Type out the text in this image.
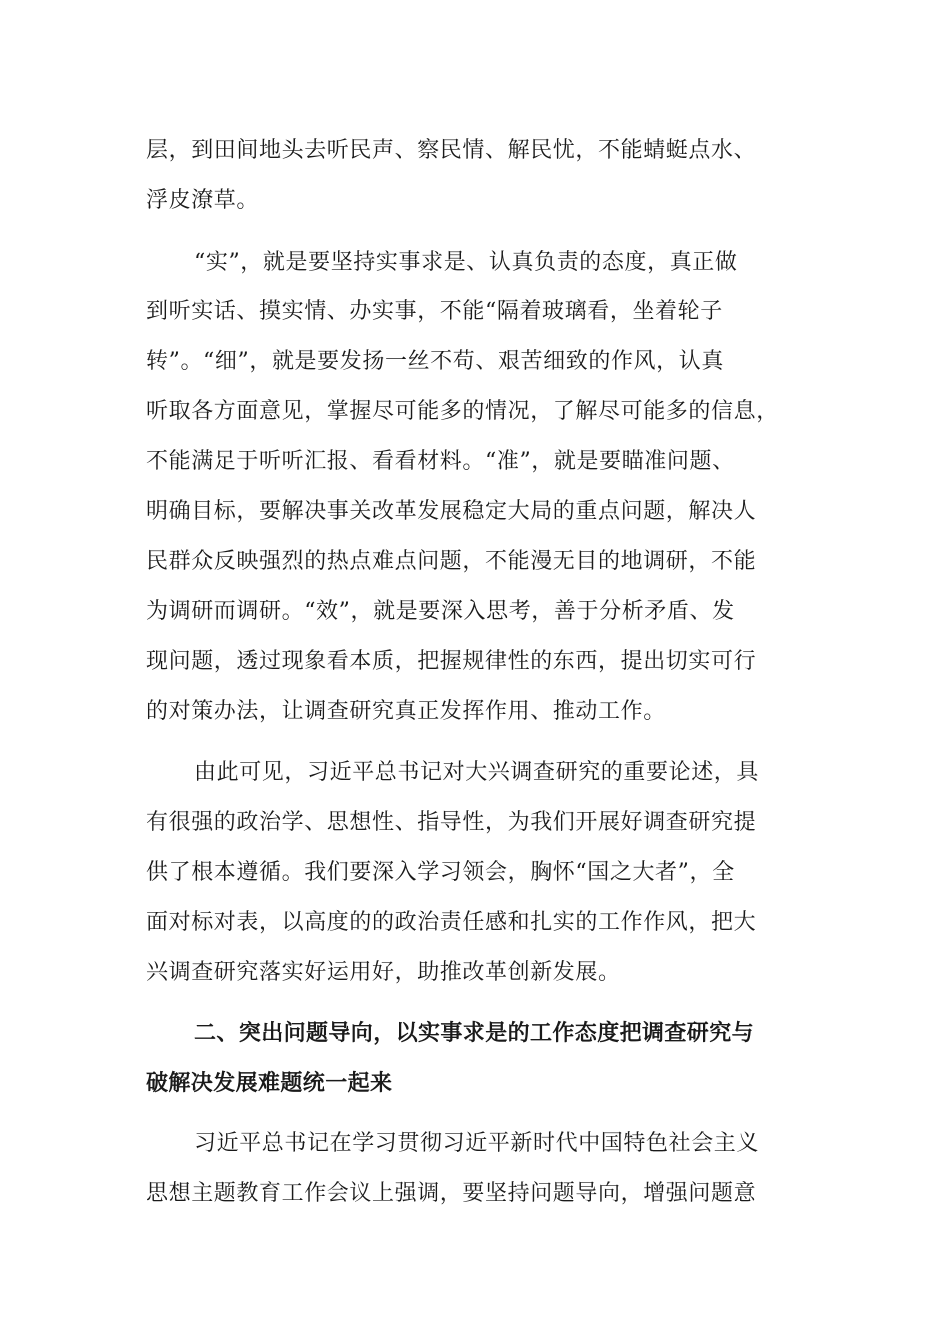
层，到田间地头去听民声、察民情、解民忧，不能蜻蜓点水、
浮皮潦草。
“实”，就是要坚持实事求是、认真负责的态度，真正做
到听实话、摸实情、办实事，不能“隔着玻璃看，坐着轮子
转”。“细”，就是要发扬一丝不苟、艰苦细致的作风，认真
听取各方面意见，掌握尽可能多的情况，了解尽可能多的信息，
不能满足于听听汇报、看看材料。“准”，就是要瞄准问题、
明确目标，要解决事关改革发展稳定大局的重点问题，解决人
民群众反映强烈的热点难点问题，不能漫无目的地调研，不能
为调研而调研。“效”，就是要深入思考，善于分析矛盾、发
现问题，透过现象看本质，把握规律性的东西，提出切实可行
的对策办法，让调查研究真正发挥作用、推动工作。
由此可见，习近平总书记对大兴调查研究的重要论述，具
有很强的政治学、思想性、指导性，为我们开展好调查研究提
供了根本遵循。我们要深入学习领会，胸怀“国之大者”，全
面对标对表，以高度的的政治责任感和扎实的工作作风，把大
兴调查研究落实好运用好，助推改革创新发展。
二、突出问题导向，以实事求是的工作态度把调查研究与
破解决发展难题统一起来
习近平总书记在学习贯彻习近平新时代中国特色社会主义
思想主题教育工作会议上强调，要坚持问题导向，增强问题意
